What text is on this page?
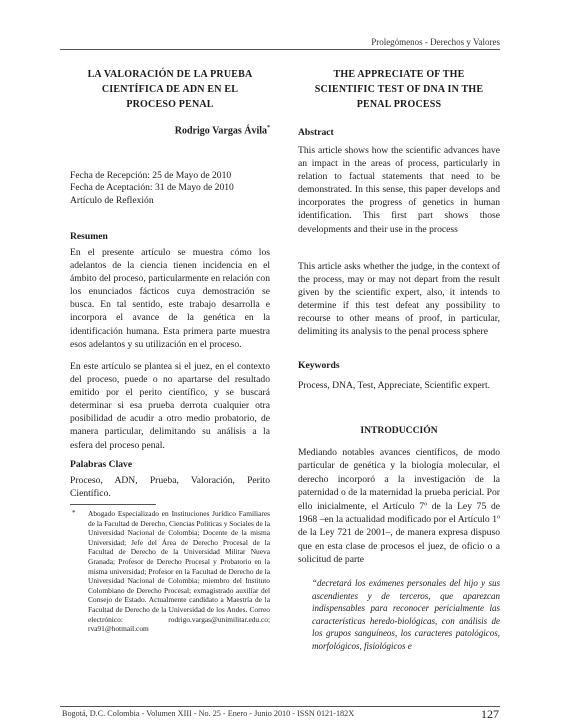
Prolegómenos - Derechos y Valores
LA VALORACIÓN DE LA PRUEBA
CIENTÍFICA DE ADN EN EL
PROCESO PENAL
Rodrigo Vargas Ávila*
Fecha de Recepción: 25 de Mayo de 2010
Fecha de Aceptación: 31 de Mayo de 2010
Artículo de Reflexión
Resumen
En el presente artículo se muestra cómo los adelantos de la ciencia tienen incidencia en el ámbito del proceso, particularmente en relación con los enunciados fácticos cuya demostración se busca. En tal sentido, este trabajo desarrolla e incorpora el avance de la genética en la identificación humana. Esta primera parte muestra esos adelantos y su utilización en el proceso.
En este artículo se plantea si el juez, en el contexto del proceso, puede o no apartarse del resultado emitido por el perito científico, y se buscará determinar si esa prueba derrota cualquier otra posibilidad de acudir a otro medio probatorio, de manera particular, delimitando su análisis a la esfera del proceso penal.
Palabras Clave
Proceso, ADN, Prueba, Valoración, Perito Científico.
* Abogado Especializado en Instituciones Jurídico Familiares de la Facultad de Derecho, Ciencias Políticas y Sociales de la Universidad Nacional de Colombia; Docente de la misma Universidad; Jefe del Área de Derecho Procesal de la Facultad de Derecho de la Universidad Militar Nueva Granada; Profesor de Derecho Procesal y Probatorio en la misma universidad; Profesor en la Facultad de Derecho de la Universidad Nacional de Colombia; miembro del Instituto Colombiano de Derecho Procesal; exmagistrado auxiliar del Consejo de Estado. Actualmente candidato a Maestría de la Facultad de Derecho de la Universidad de los Andes. Correo electrónico: rodrigo.vargas@unimilitar.edu.co; rva91@hotmail.com
THE APPRECIATE OF THE
SCIENTIFIC TEST OF DNA IN THE
PENAL PROCESS
Abstract
This article shows how the scientific advances have an impact in the areas of process, particularly in relation to factual statements that need to be demonstrated. In this sense, this paper develops and incorporates the progress of genetics in human identification. This first part shows those developments and their use in the process
This article asks whether the judge, in the context of the process, may or may not depart from the result given by the scientific expert, also, it intends to determine if this test defeat any possibility to recourse to other means of proof, in particular, delimiting its analysis to the penal process sphere
Keywords
Process, DNA, Test, Appreciate, Scientific expert.
INTRODUCCIÓN
Mediando notables avances científicos, de modo particular de genética y la biología molecular, el derecho incorporó a la investigación de la paternidad o de la maternidad la prueba pericial. Por ello inicialmente, el Artículo 7º de la Ley 75 de 1968 –en la actualidad modificado por el Artículo 1º de la Ley 721 de 2001–, de manera expresa dispuso que en esta clase de procesos el juez, de oficio o a solicitud de parte
“decretará los exámenes personales del hijo y sus ascendientes y de terceros, que aparezcan indispensables para reconocer pericialmente las características heredo-biológicas, con análisis de los grupos sanguíneos, los caracteres patológicos, morfológicos, fisiológicos e
Bogotá, D.C. Colombia - Volumen XIII - No. 25 - Enero - Junio 2010 - ISSN 0121-182X	127
